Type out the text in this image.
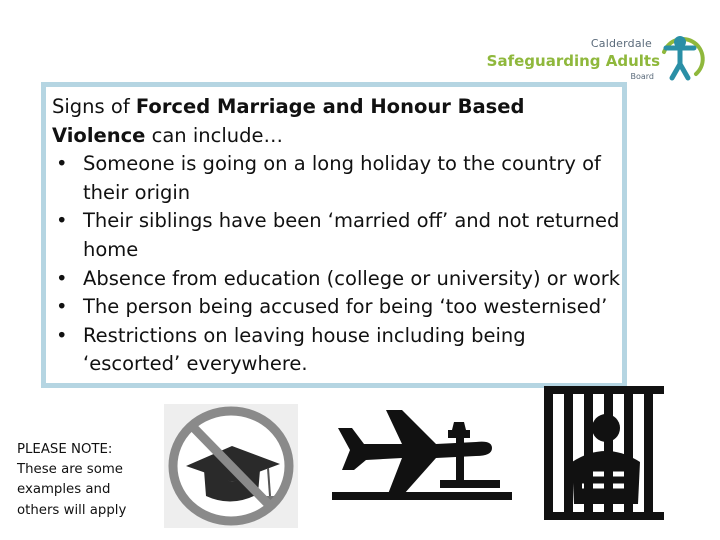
Calderdale
Safeguarding Adults
Board

Signs of Forced Marriage and Honour Based Violence can include…

• Someone is going on a long holiday to the country of their origin
• Their siblings have been ‘married off’ and not returned home
• Absence from education (college or university) or work
• The person being accused for being ‘too westernised’
• Restrictions on leaving house including being ‘escorted’ everywhere.
PLEASE NOTE:
These are some
examples and
others will apply
